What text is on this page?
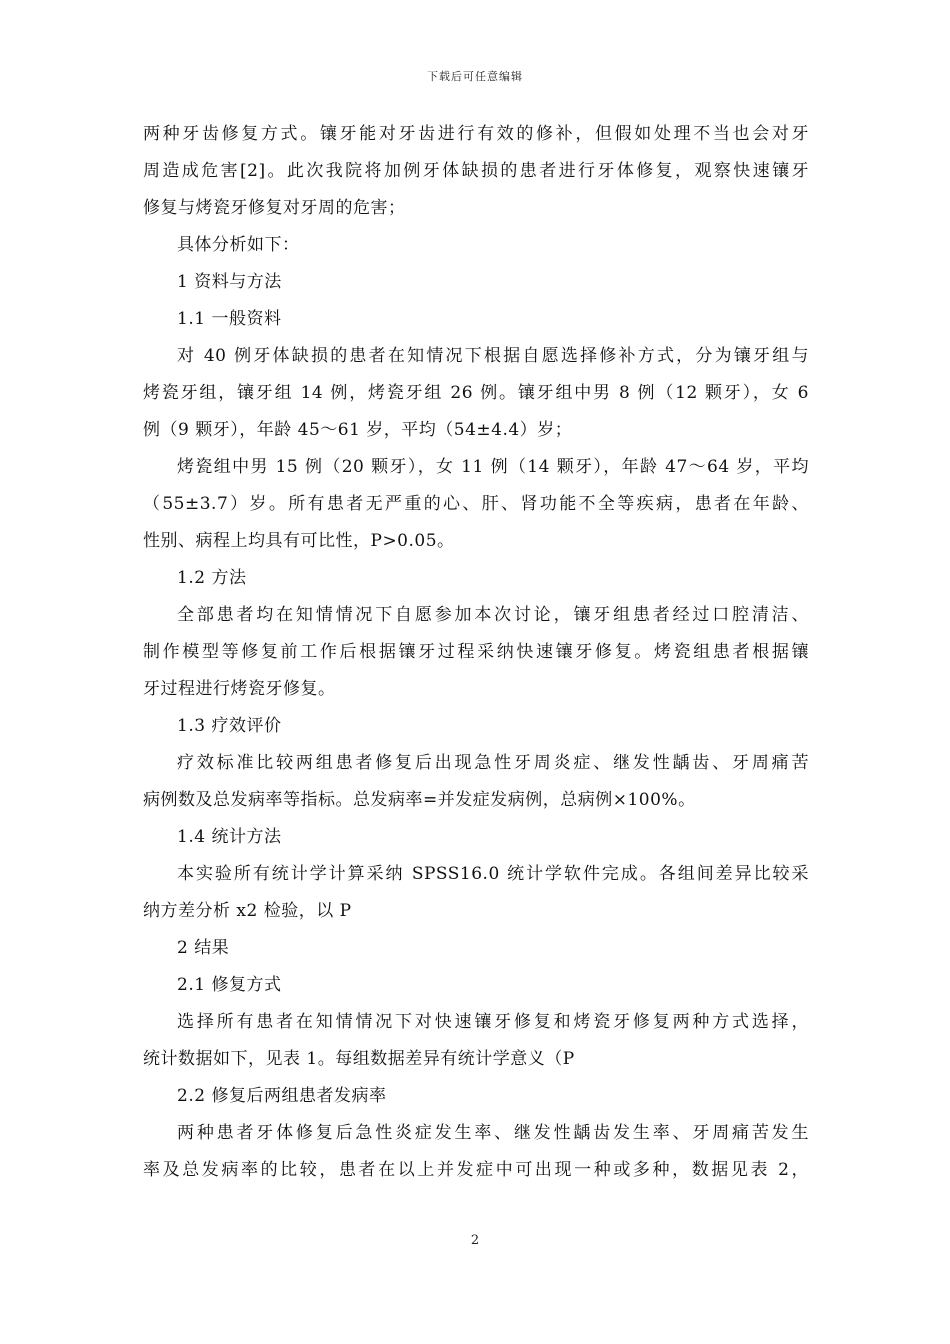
下载后可任意编辑
两种牙齿修复方式。镶牙能对牙齿进行有效的修补，但假如处理不当也会对牙
周造成危害[2]。此次我院将加例牙体缺损的患者进行牙体修复，观察快速镶牙
修复与烤瓷牙修复对牙周的危害；
具体分析如下：
1 资料与方法
1.1 一般资料
对 40 例牙体缺损的患者在知情况下根据自愿选择修补方式，分为镶牙组与
烤瓷牙组，镶牙组 14 例，烤瓷牙组 26 例。镶牙组中男 8 例（12 颗牙），女 6
例（9 颗牙），年龄 45～61 岁，平均（54±4.4）岁；
烤瓷组中男 15 例（20 颗牙），女 11 例（14 颗牙），年龄 47～64 岁，平均
（55±3.7）岁。所有患者无严重的心、肝、肾功能不全等疾病，患者在年龄、
性别、病程上均具有可比性，P>0.05。
1.2 方法
全部患者均在知情情况下自愿参加本次讨论，镶牙组患者经过口腔清洁、
制作模型等修复前工作后根据镶牙过程采纳快速镶牙修复。烤瓷组患者根据镶
牙过程进行烤瓷牙修复。
1.3 疗效评价
疗效标准比较两组患者修复后出现急性牙周炎症、继发性龋齿、牙周痛苦
病例数及总发病率等指标。总发病率=并发症发病例，总病例×100%。
1.4 统计方法
本实验所有统计学计算采纳 SPSS16.0 统计学软件完成。各组间差异比较采
纳方差分析 x2 检验，以 P
2 结果
2.1 修复方式
选择所有患者在知情情况下对快速镶牙修复和烤瓷牙修复两种方式选择，
统计数据如下，见表 1。每组数据差异有统计学意义（P
2.2 修复后两组患者发病率
两种患者牙体修复后急性炎症发生率、继发性龋齿发生率、牙周痛苦发生
率及总发病率的比较，患者在以上并发症中可出现一种或多种，数据见表 2，
2
